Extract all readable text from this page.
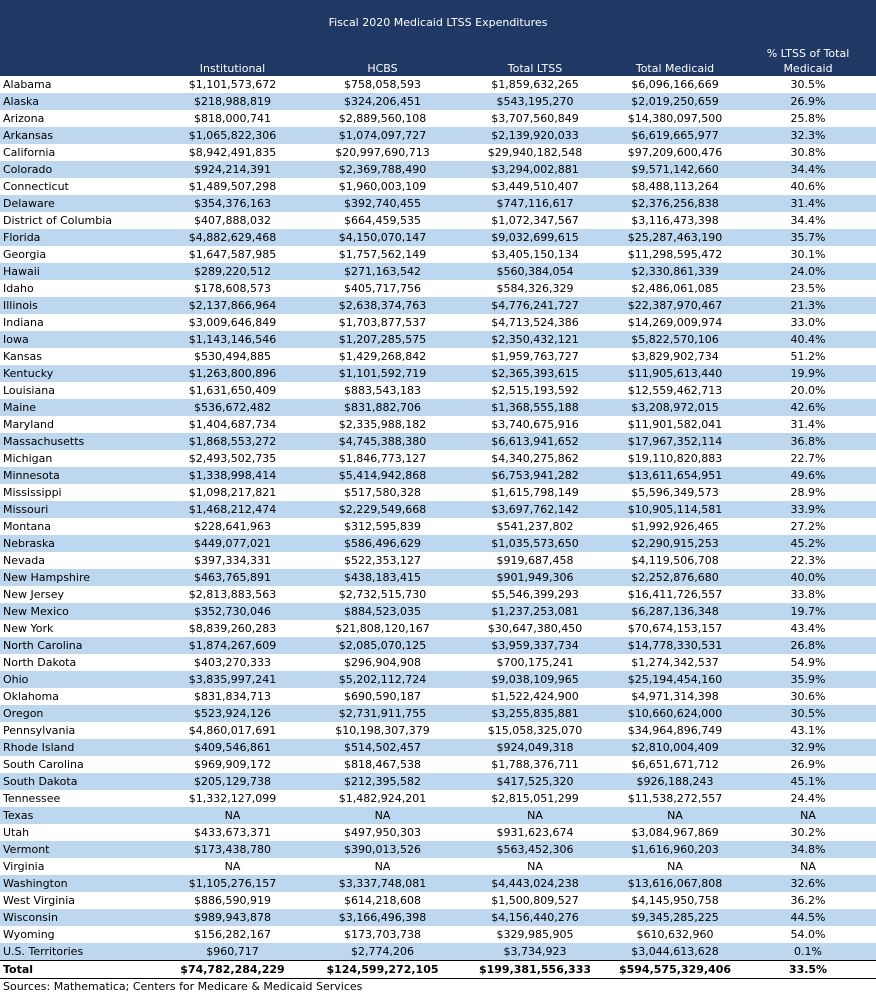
Fiscal 2020 Medicaid LTSS Expenditures					
	Institutional	HCBS	Total LTSS	Total Medicaid	% LTSS of Total Medicaid
Alabama	$1,101,573,672	$758,058,593	$1,859,632,265	$6,096,166,669	30.5%
Alaska	$218,988,819	$324,206,451	$543,195,270	$2,019,250,659	26.9%
Arizona	$818,000,741	$2,889,560,108	$3,707,560,849	$14,380,097,500	25.8%
Arkansas	$1,065,822,306	$1,074,097,727	$2,139,920,033	$6,619,665,977	32.3%
California	$8,942,491,835	$20,997,690,713	$29,940,182,548	$97,209,600,476	30.8%
Colorado	$924,214,391	$2,369,788,490	$3,294,002,881	$9,571,142,660	34.4%
Connecticut	$1,489,507,298	$1,960,003,109	$3,449,510,407	$8,488,113,264	40.6%
Delaware	$354,376,163	$392,740,455	$747,116,617	$2,376,256,838	31.4%
District of Columbia	$407,888,032	$664,459,535	$1,072,347,567	$3,116,473,398	34.4%
Florida	$4,882,629,468	$4,150,070,147	$9,032,699,615	$25,287,463,190	35.7%
Georgia	$1,647,587,985	$1,757,562,149	$3,405,150,134	$11,298,595,472	30.1%
Hawaii	$289,220,512	$271,163,542	$560,384,054	$2,330,861,339	24.0%
Idaho	$178,608,573	$405,717,756	$584,326,329	$2,486,061,085	23.5%
Illinois	$2,137,866,964	$2,638,374,763	$4,776,241,727	$22,387,970,467	21.3%
Indiana	$3,009,646,849	$1,703,877,537	$4,713,524,386	$14,269,009,974	33.0%
Iowa	$1,143,146,546	$1,207,285,575	$2,350,432,121	$5,822,570,106	40.4%
Kansas	$530,494,885	$1,429,268,842	$1,959,763,727	$3,829,902,734	51.2%
Kentucky	$1,263,800,896	$1,101,592,719	$2,365,393,615	$11,905,613,440	19.9%
Louisiana	$1,631,650,409	$883,543,183	$2,515,193,592	$12,559,462,713	20.0%
Maine	$536,672,482	$831,882,706	$1,368,555,188	$3,208,972,015	42.6%
Maryland	$1,404,687,734	$2,335,988,182	$3,740,675,916	$11,901,582,041	31.4%
Massachusetts	$1,868,553,272	$4,745,388,380	$6,613,941,652	$17,967,352,114	36.8%
Michigan	$2,493,502,735	$1,846,773,127	$4,340,275,862	$19,110,820,883	22.7%
Minnesota	$1,338,998,414	$5,414,942,868	$6,753,941,282	$13,611,654,951	49.6%
Mississippi	$1,098,217,821	$517,580,328	$1,615,798,149	$5,596,349,573	28.9%
Missouri	$1,468,212,474	$2,229,549,668	$3,697,762,142	$10,905,114,581	33.9%
Montana	$228,641,963	$312,595,839	$541,237,802	$1,992,926,465	27.2%
Nebraska	$449,077,021	$586,496,629	$1,035,573,650	$2,290,915,253	45.2%
Nevada	$397,334,331	$522,353,127	$919,687,458	$4,119,506,708	22.3%
New Hampshire	$463,765,891	$438,183,415	$901,949,306	$2,252,876,680	40.0%
New Jersey	$2,813,883,563	$2,732,515,730	$5,546,399,293	$16,411,726,557	33.8%
New Mexico	$352,730,046	$884,523,035	$1,237,253,081	$6,287,136,348	19.7%
New York	$8,839,260,283	$21,808,120,167	$30,647,380,450	$70,674,153,157	43.4%
North Carolina	$1,874,267,609	$2,085,070,125	$3,959,337,734	$14,778,330,531	26.8%
North Dakota	$403,270,333	$296,904,908	$700,175,241	$1,274,342,537	54.9%
Ohio	$3,835,997,241	$5,202,112,724	$9,038,109,965	$25,194,454,160	35.9%
Oklahoma	$831,834,713	$690,590,187	$1,522,424,900	$4,971,314,398	30.6%
Oregon	$523,924,126	$2,731,911,755	$3,255,835,881	$10,660,624,000	30.5%
Pennsylvania	$4,860,017,691	$10,198,307,379	$15,058,325,070	$34,964,896,749	43.1%
Rhode Island	$409,546,861	$514,502,457	$924,049,318	$2,810,004,409	32.9%
South Carolina	$969,909,172	$818,467,538	$1,788,376,711	$6,651,671,712	26.9%
South Dakota	$205,129,738	$212,395,582	$417,525,320	$926,188,243	45.1%
Tennessee	$1,332,127,099	$1,482,924,201	$2,815,051,299	$11,538,272,557	24.4%
Texas	NA	NA	NA	NA	NA
Utah	$433,673,371	$497,950,303	$931,623,674	$3,084,967,869	30.2%
Vermont	$173,438,780	$390,013,526	$563,452,306	$1,616,960,203	34.8%
Virginia	NA	NA	NA	NA	NA
Washington	$1,105,276,157	$3,337,748,081	$4,443,024,238	$13,616,067,808	32.6%
West Virginia	$886,590,919	$614,218,608	$1,500,809,527	$4,145,950,758	36.2%
Wisconsin	$989,943,878	$3,166,496,398	$4,156,440,276	$9,345,285,225	44.5%
Wyoming	$156,282,167	$173,703,738	$329,985,905	$610,632,960	54.0%
U.S. Territories	$960,717	$2,774,206	$3,734,923	$3,044,613,628	0.1%
Total	$74,782,284,229	$124,599,272,105	$199,381,556,333	$594,575,329,406	33.5%
Sources: Mathematica; Centers for Medicare & Medicaid Services
